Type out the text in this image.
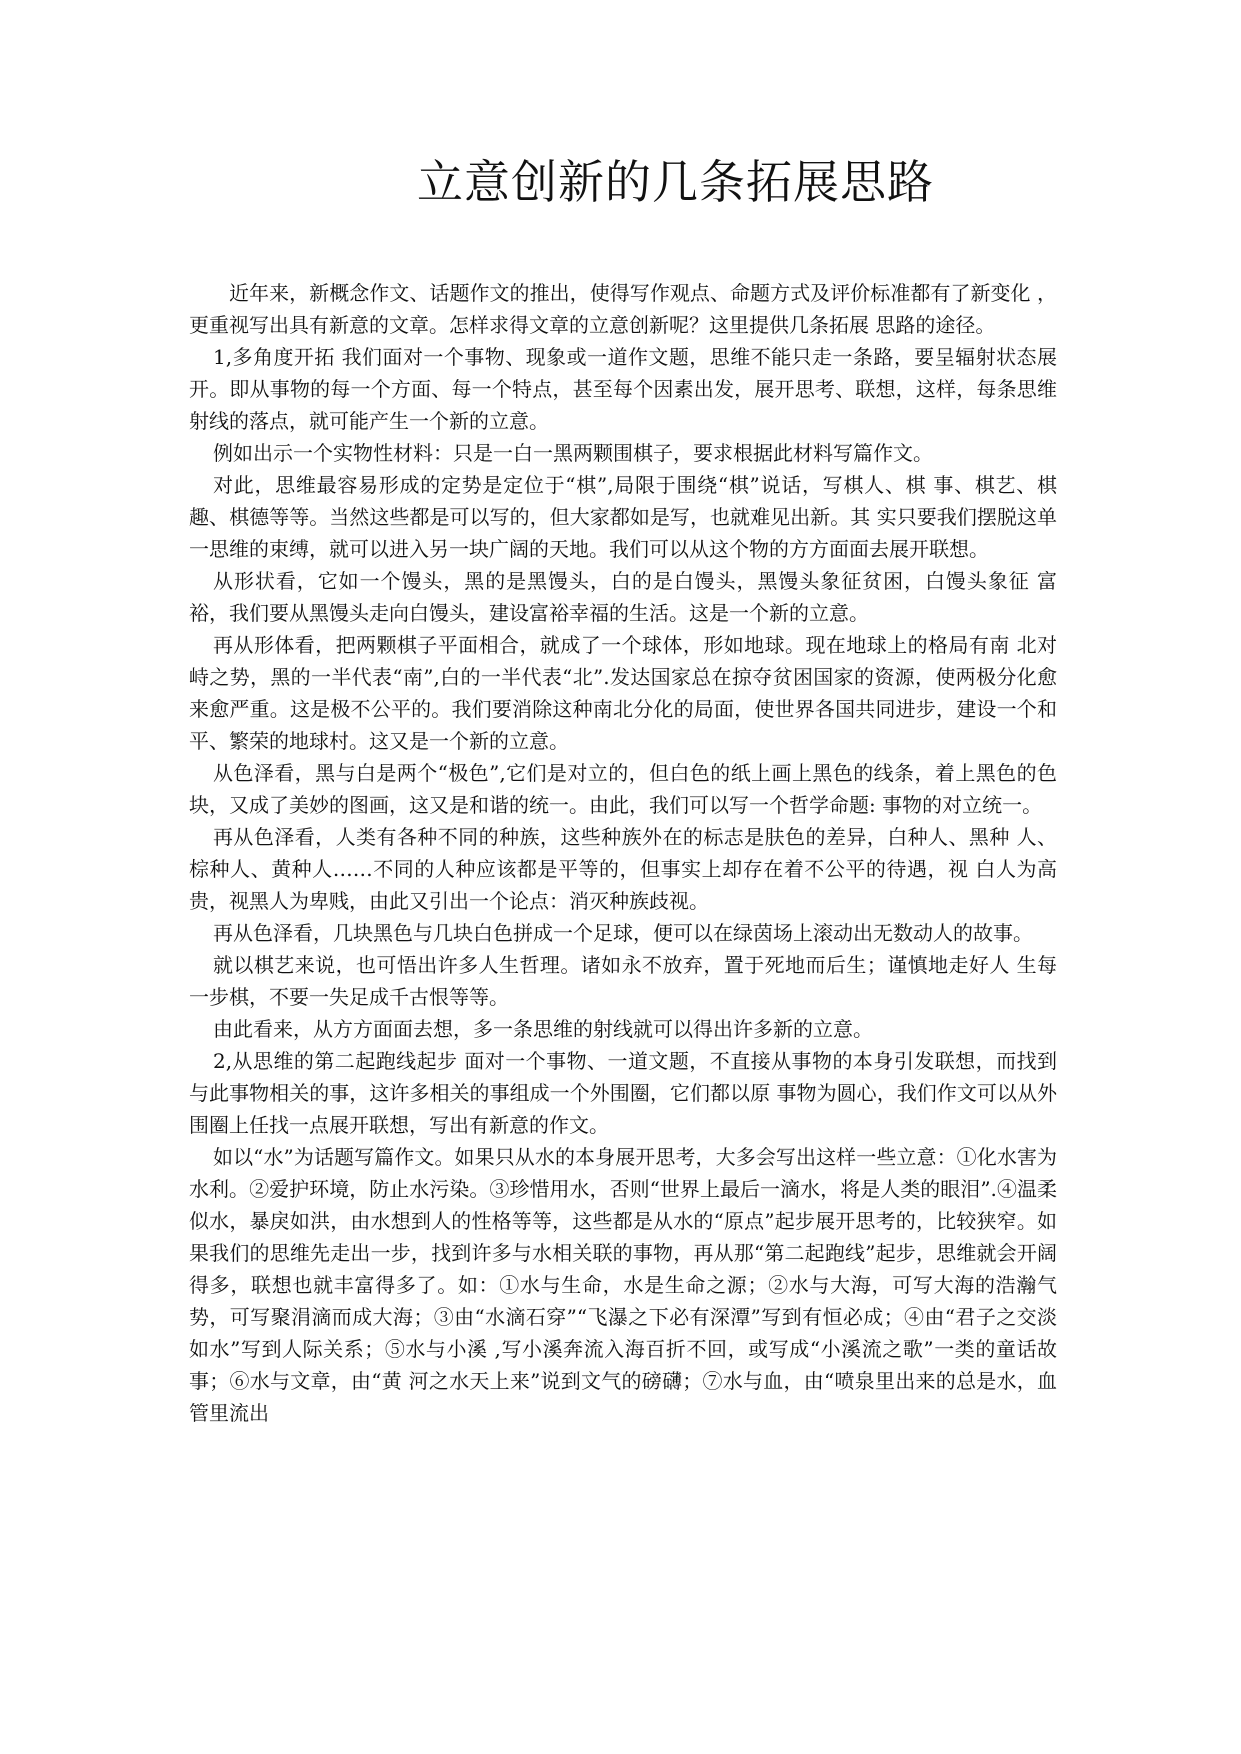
立意创新的几条拓展思路

近年来，新概念作文、话题作文的推出，使得写作观点、命题方式及评价标准都有了新变化 ，更重视写出具有新意的文章。怎样求得文章的立意创新呢？这里提供几条拓展 思路的途径。

1,多角度开拓 我们面对一个事物、现象或一道作文题，思维不能只走一条路，要呈辐射状态展开。即从事物的每一个方面、每一个特点，甚至每个因素出发，展开思考、联想，这样，每条思维射线的落点，就可能产生一个新的立意。

例如出示一个实物性材料：只是一白一黑两颗围棋子，要求根据此材料写篇作文。

对此，思维最容易形成的定势是定位于“棋”,局限于围绕“棋”说话，写棋人、棋 事、棋艺、棋趣、棋德等等。当然这些都是可以写的，但大家都如是写，也就难见出新。其 实只要我们摆脱这单一思维的束缚，就可以进入另一块广阔的天地。我们可以从这个物的方方面面去展开联想。

从形状看，它如一个馒头，黑的是黑馒头，白的是白馒头，黑馒头象征贫困，白馒头象征 富裕，我们要从黑馒头走向白馒头，建设富裕幸福的生活。这是一个新的立意。

再从形体看，把两颗棋子平面相合，就成了一个球体，形如地球。现在地球上的格局有南 北对峙之势，黑的一半代表“南”,白的一半代表“北”.发达国家总在掠夺贫困国家的资源，使两极分化愈来愈严重。这是极不公平的。我们要消除这种南北分化的局面，使世界各国共同进步，建设一个和平、繁荣的地球村。这又是一个新的立意。

从色泽看，黑与白是两个“极色”,它们是对立的，但白色的纸上画上黑色的线条，着上黑色的色块，又成了美妙的图画，这又是和谐的统一。由此，我们可以写一个哲学命题: 事物的对立统一。

再从色泽看，人类有各种不同的种族，这些种族外在的标志是肤色的差异，白种人、黑种 人、棕种人、黄种人……不同的人种应该都是平等的，但事实上却存在着不公平的待遇，视 白人为高贵，视黑人为卑贱，由此又引出一个论点：消灭种族歧视。

再从色泽看，几块黑色与几块白色拼成一个足球，便可以在绿茵场上滚动出无数动人的故事。

就以棋艺来说，也可悟出许多人生哲理。诸如永不放弃，置于死地而后生；谨慎地走好人 生每一步棋，不要一失足成千古恨等等。

由此看来，从方方面面去想，多一条思维的射线就可以得出许多新的立意。

2,从思维的第二起跑线起步 面对一个事物、一道文题，不直接从事物的本身引发联想，而找到与此事物相关的事，这许多相关的事组成一个外围圈，它们都以原 事物为圆心，我们作文可以从外围圈上任找一点展开联想，写出有新意的作文。

如以“水”为话题写篇作文。如果只从水的本身展开思考，大多会写出这样一些立意：①化水害为水利。②爱护环境，防止水污染。③珍惜用水，否则“世界上最后一滴水，将是人类的眼泪”.④温柔似水，暴戾如洪，由水想到人的性格等等，这些都是从水的“原点”起步展开思考的，比较狭窄。如果我们的思维先走出一步，找到许多与水相关联的事物，再从那“第二起跑线”起步，思维就会开阔得多，联想也就丰富得多了。如：①水与生命，水是生命之源；②水与大海，可写大海的浩瀚气势，可写聚涓滴而成大海；③由“水滴石穿”“飞瀑之下必有深潭”写到有恒必成；④由“君子之交淡如水”写到人际关系；⑤水与小溪 ,写小溪奔流入海百折不回，或写成“小溪流之歌”一类的童话故事；⑥水与文章，由“黄 河之水天上来”说到文气的磅礴；⑦水与血，由“喷泉里出来的总是水，血管里流出
